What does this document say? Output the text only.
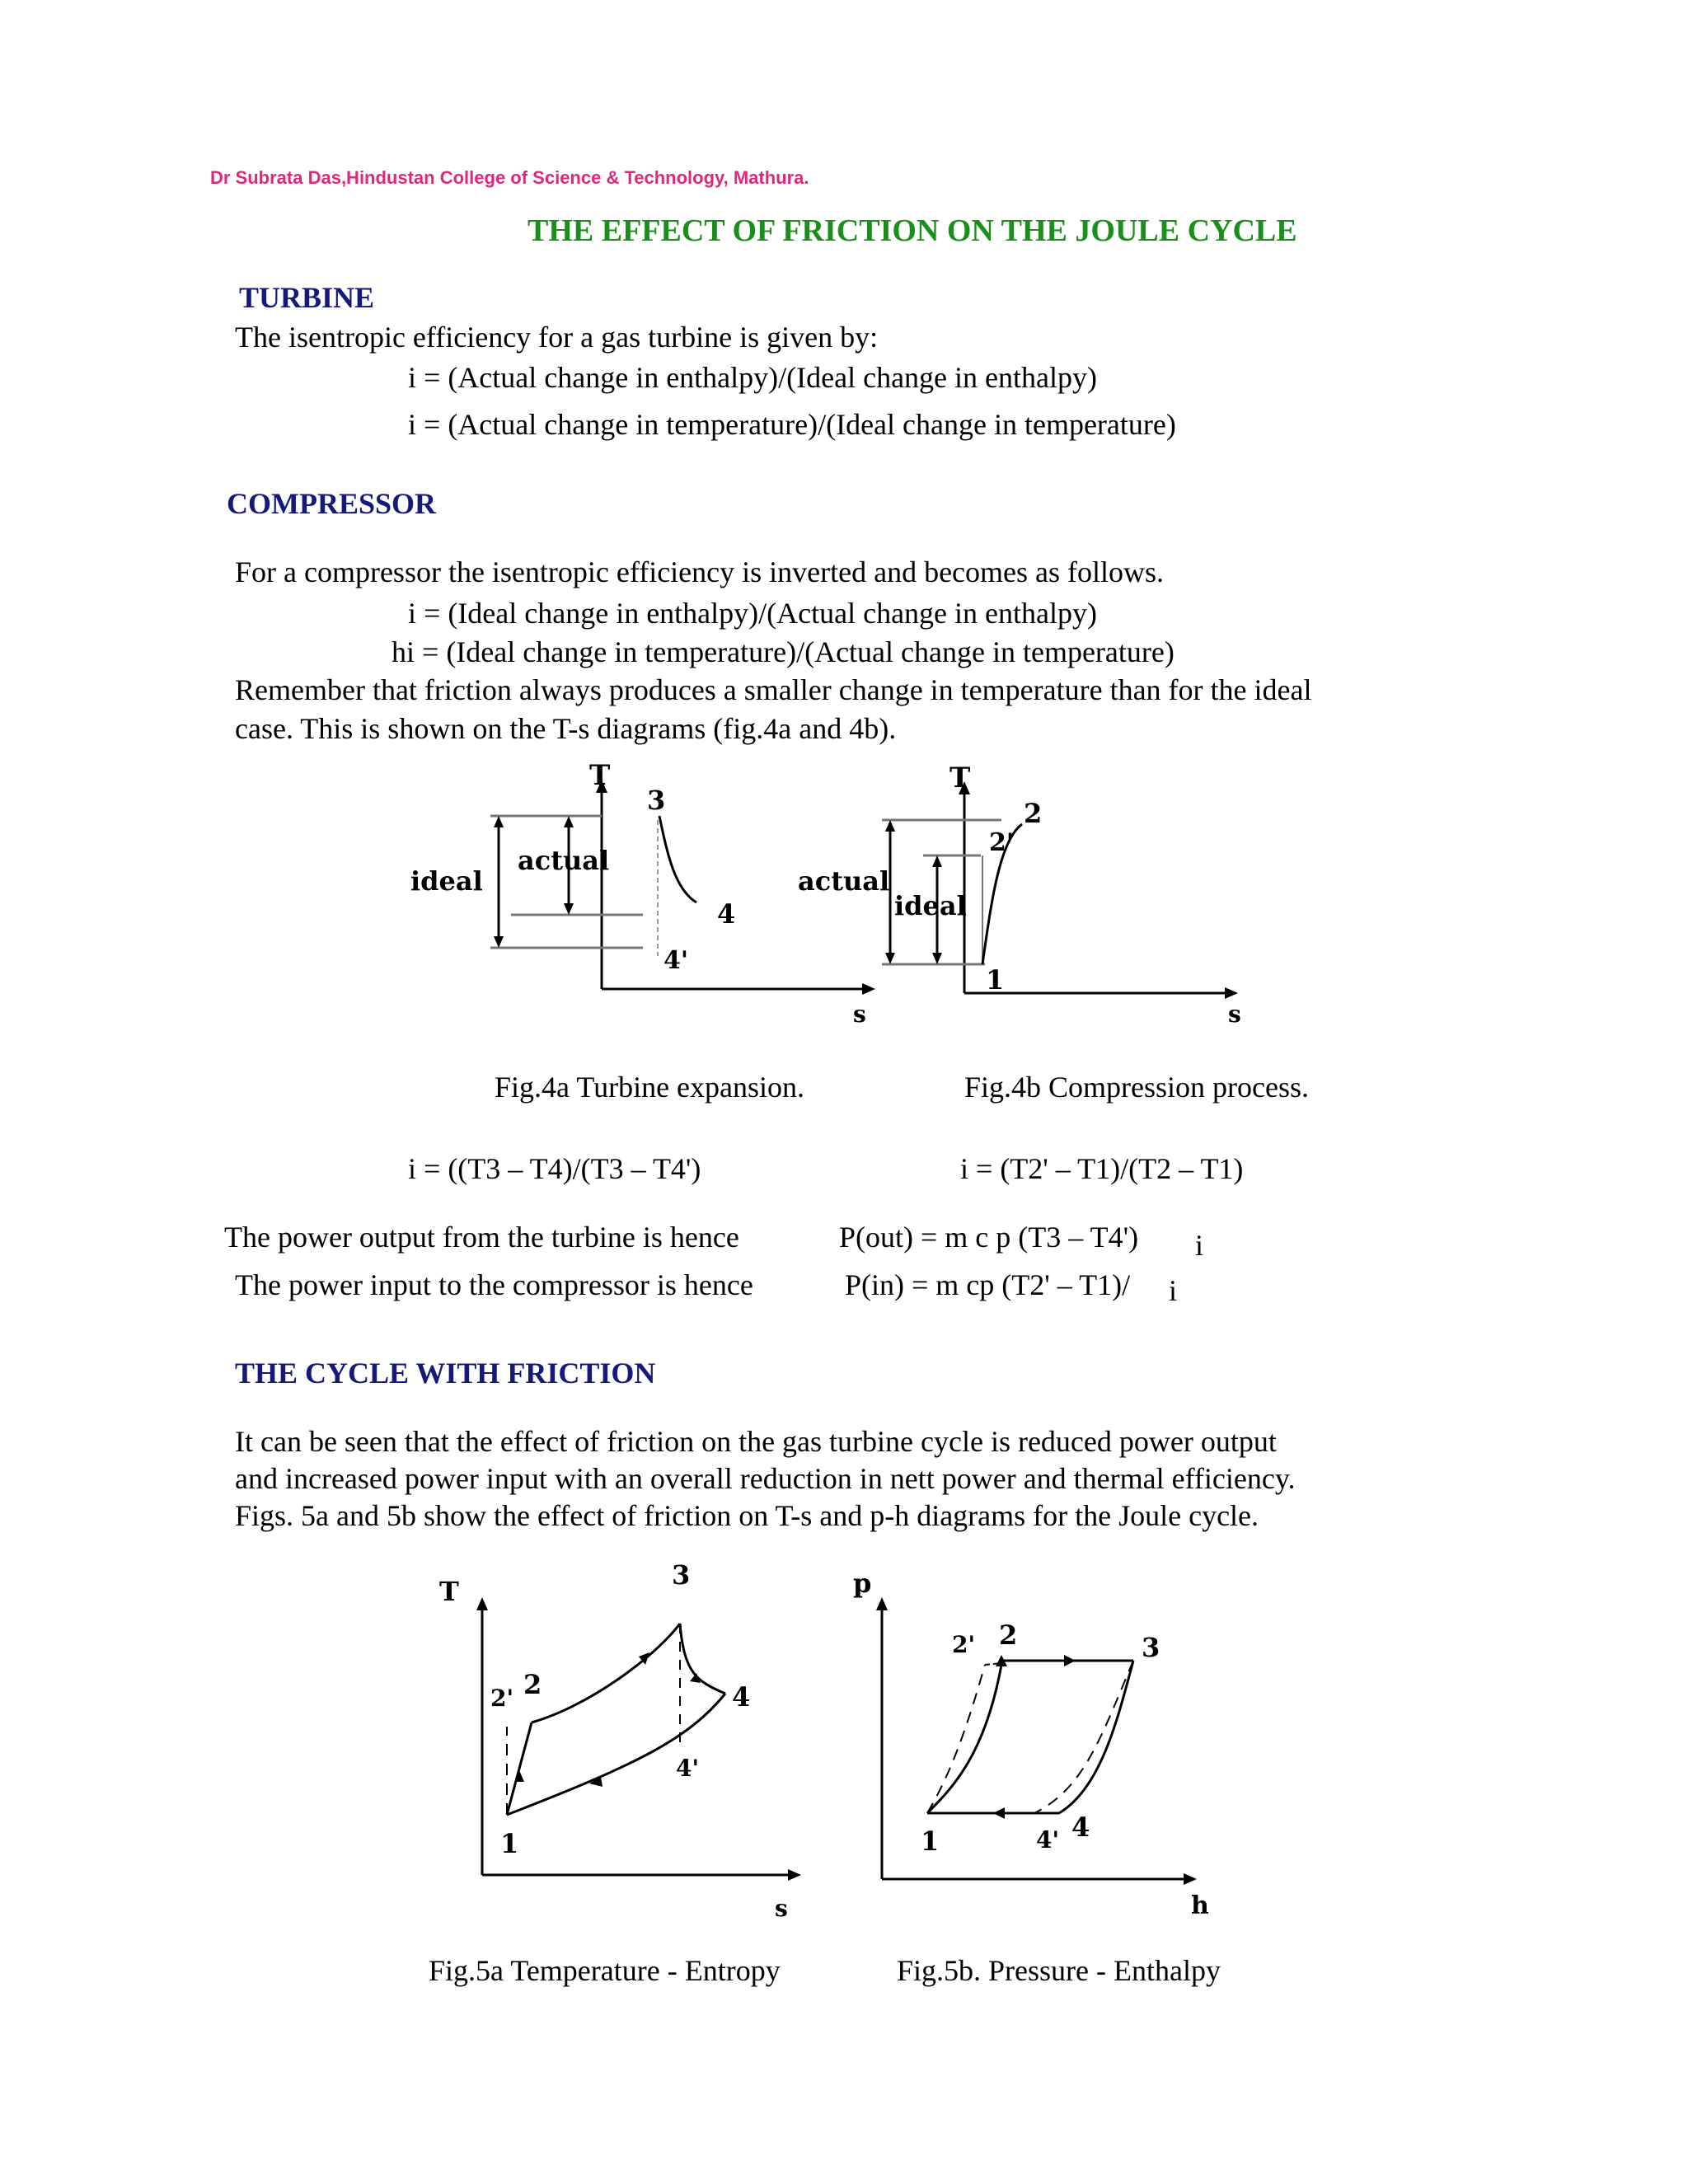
Dr Subrata Das,Hindustan College of Science & Technology, Mathura.
THE EFFECT OF FRICTION ON THE JOULE CYCLE
TURBINE
The isentropic efficiency for a gas turbine is given by:
i = (Actual change in enthalpy)/(Ideal change in enthalpy)
i = (Actual change in temperature)/(Ideal change in temperature)
COMPRESSOR
For a compressor the isentropic efficiency is inverted and becomes as follows.
i = (Ideal change in enthalpy)/(Actual change in enthalpy)
hi = (Ideal change in temperature)/(Actual change in temperature)
Remember that friction always produces a smaller change in temperature than for the ideal
case. This is shown on the T-s diagrams (fig.4a and 4b).
T
s
ideal
actual
3
4
4'
T
s
actual
ideal
1
2
2'
Fig.4a Turbine expansion.	Fig.4b Compression process.
i = ((T3 – T4)/(T3 – T4')	i = (T2' – T1)/(T2 – T1)
The power output from the turbine is hence	P(out) = m c p (T3 – T4') i
The power input to the compressor is hence	P(in) = m cp (T2' – T1)/ i
THE CYCLE WITH FRICTION
It can be seen that the effect of friction on the gas turbine cycle is reduced power output
and increased power input with an overall reduction in nett power and thermal efficiency.
Figs. 5a and 5b show the effect of friction on T-s and p-h diagrams for the Joule cycle.
T
s
1
2
2'
3
4
4'
p
h
1
2
2'	3
4
4'
Fig.5a Temperature - Entropy	Fig.5b. Pressure - Enthalpy
